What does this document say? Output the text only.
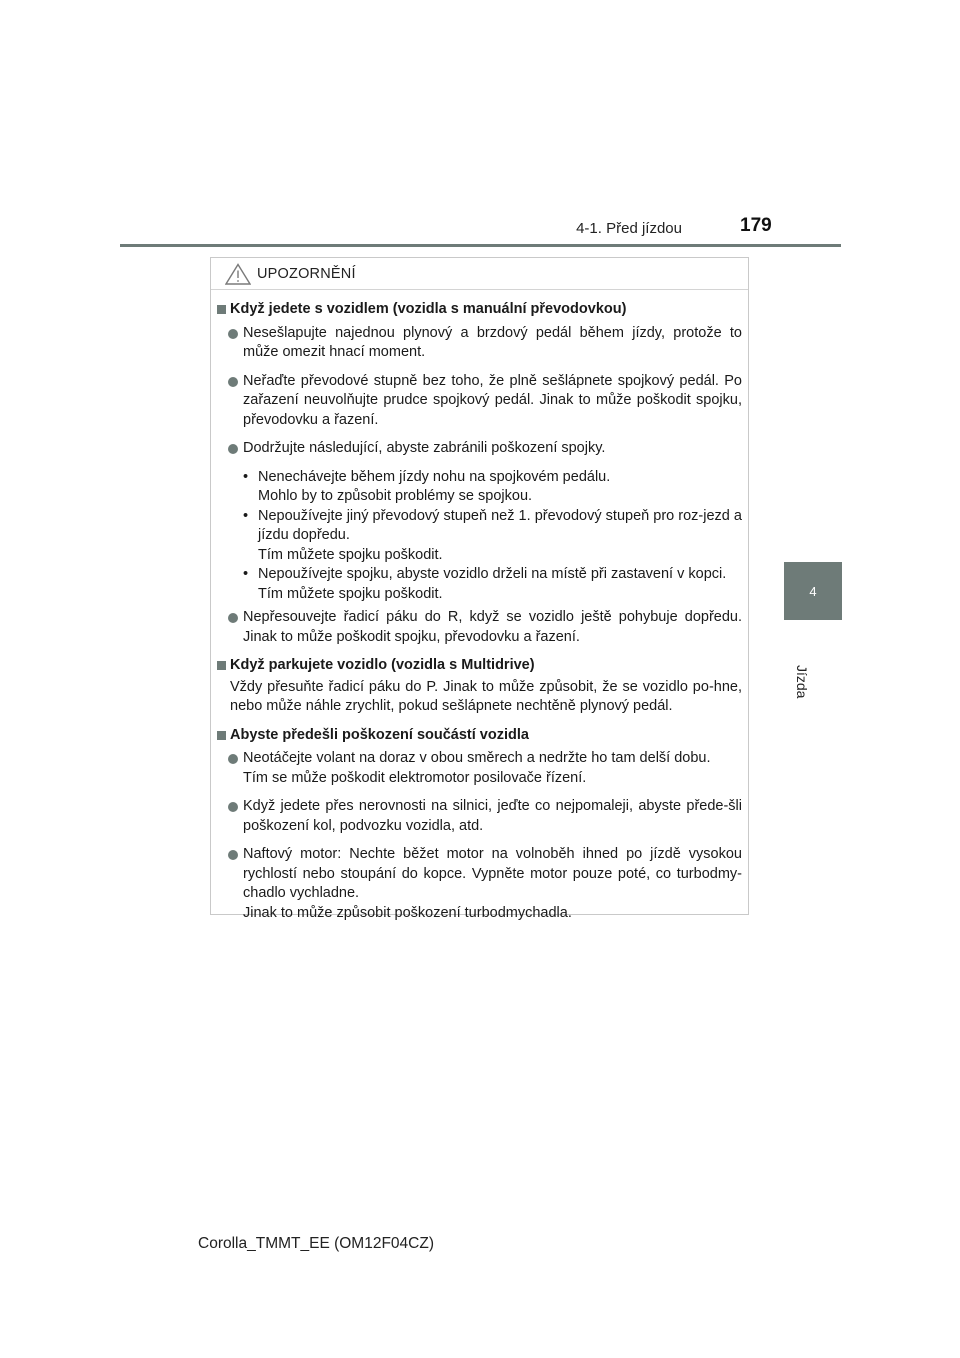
4-1. Před jízdou	179
4
Jízda
UPOZORNĚNÍ
Když jedete s vozidlem (vozidla s manuální převodovkou)
Nesešlapujte najednou plynový a brzdový pedál během jízdy, protože to může omezit hnací moment.
Neřaďte převodové stupně bez toho, že plně sešlápnete spojkový pedál. Po zařazení neuvolňujte prudce spojkový pedál. Jinak to může poškodit spojku, převodovku a řazení.
Dodržujte následující, abyste zabránili poškození spojky.
• Nenechávejte během jízdy nohu na spojkovém pedálu.
Mohlo by to způsobit problémy se spojkou.
• Nepoužívejte jiný převodový stupeň než 1. převodový stupeň pro roz-jezd a jízdu dopředu.
Tím můžete spojku poškodit.
• Nepoužívejte spojku, abyste vozidlo drželi na místě při zastavení v kopci.
Tím můžete spojku poškodit.
Nepřesouvejte řadicí páku do R, když se vozidlo ještě pohybuje dopředu. Jinak to může poškodit spojku, převodovku a řazení.
Když parkujete vozidlo (vozidla s Multidrive)
Vždy přesuňte řadicí páku do P. Jinak to může způsobit, že se vozidlo po-hne, nebo může náhle zrychlit, pokud sešlápnete nechtěně plynový pedál.
Abyste předešli poškození součástí vozidla
Neotáčejte volant na doraz v obou směrech a nedržte ho tam delší dobu.
Tím se může poškodit elektromotor posilovače řízení.
Když jedete přes nerovnosti na silnici, jeďte co nejpomaleji, abyste přede-šli poškození kol, podvozku vozidla, atd.
Naftový motor: Nechte běžet motor na volnoběh ihned po jízdě vysokou rychlostí nebo stoupání do kopce. Vypněte motor pouze poté, co turbodmy-chadlo vychladne.
Jinak to může způsobit poškození turbodmychadla.
Corolla_TMMT_EE (OM12F04CZ)
